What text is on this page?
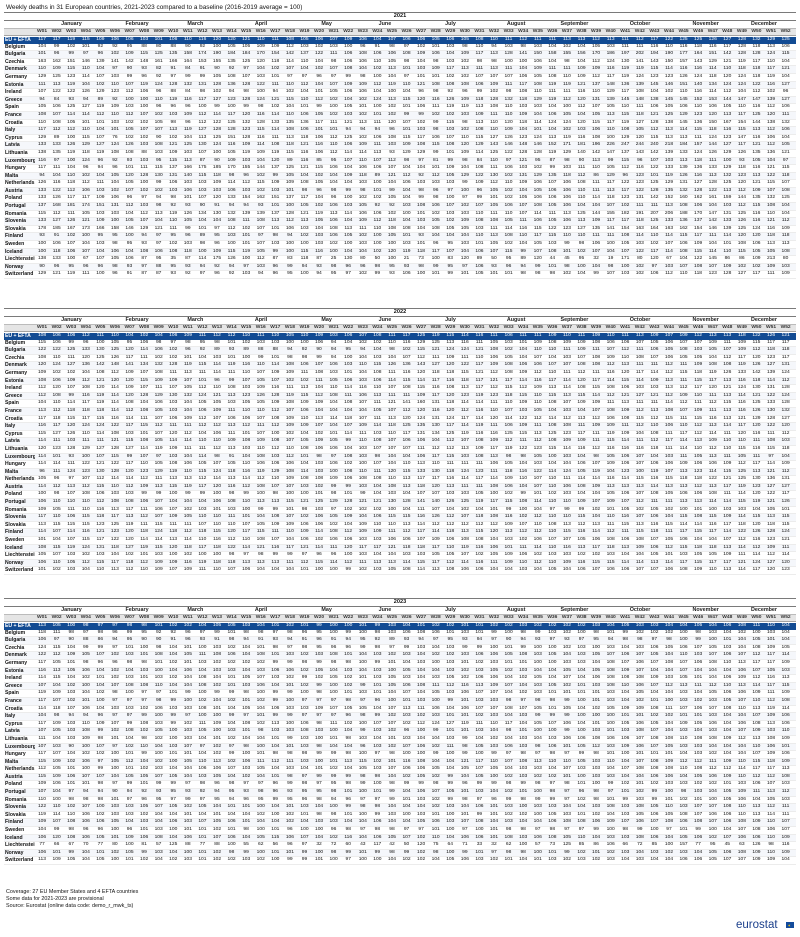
Weekly deaths in 31 European countries, 2021-2023 compared to a baseline (2016-2019 average = 100)
2021
January	February	March	April	May	June	July	August	September	October	November	December
W01 W02 W03 W04 W05 W06 W07 W08 W09 W10 W11 W12 W13 W14 W15 W16 W17 W18 W19 W20 W21 W22 W23 W24 W25 W26 W27 W28 W29 W30 W31 W32 W33 W34 W35 W36 W37 W38 W39 W40 W41 W42 W43 W44 W45 W46 W47 W48 W49 W50 W51 W52
EU + EFTA	117	117	119	115	109	106	106	103	101	106	110	116	120	120	121	110	111	108	105	106	107	109	106	104	107	106	106	105	106	105	108	110	111	112	111	111	113	113	112	113	111	112	117	122	125	125	126	127	128	132	129	125
Belgium	104	99	102	101	92	92	95	88	80	88	90	92	100	105	105	109	109	112	103	102	103	100	96	91	98	97	102	101	103	98	110	94	103	98	103	104	102	104	105	103	111	111	116	110	116	118	116	117	128	118	113	106
Bulgaria	101	96	99	97	96	102	109	115	125	135	158	174	190	184	184	170	154	142	137	122	111	106	108	106	106	108	109	106	104	109	117	113	128	141	150	158	155	156	170	186	197	202	194	190	177	164	151	142	128	128	124	115
Czechia	163	162	151	146	139	141	142	148	161	166	164	153	155	135	125	120	118	114	110	104	98	106	106	110	105	98	104	98	103	102	98	98	100	100	106	104	98	104	112	124	130	141	143	150	157	143	129	121	119	117	110	104
Denmark	110	109	115	110	104	97	90	93	82	91	84	91	90	92	97	104	102	107	104	102	107	108	104	102	113	101	103	109	117	113	111	113	111	104	109	111	111	109	109	116	119	119	115	114	116	116	114	110	118	118	117	121
Germany	129	125	123	114	107	103	99	96	92	97	99	99	105	108	107	103	101	97	97	96	97	99	98	100	104	97	101	101	102	102	107	107	107	106	105	108	110	109	112	117	119	124	123	123	126	124	118	120	124	118	119	104
Estonia	111	113	119	104	102	110	107	119	124	128	132	131	128	136	128	122	111	110	112	104	107	109	109	112	119	110	121	108	108	108	106	109	111	117	108	119	119	121	137	148	136	139	145	146	151	140	134	124	124	122	116	127
Ireland	107	122	122	126	129	123	112	106	96	88	84	98	102	94	98	100	94	102	104	101	105	106	106	104	100	104	96	98	92	96	99	102	98	108	110	111	111	116	110	129	117	108	104	102	110	116	114	112	104	112	102	96
Greece	94	84	93	94	89	92	100	100	110	119	116	117	127	123	128	124	121	115	110	112	102	104	102	124	113	115	120	116	126	109	118	128	132	118	129	119	112	120	131	139	145	148	138	145	145	152	153	144	147	147	139	127
Spain	105	106	125	127	119	109	103	100	96	96	96	100	99	100	99	98	102	104	101	99	100	105	101	100	102	101	106	111	119	119	113	108	110	103	103	104	100	112	107	105	110	111	106	105	106	110	106	105	110	116	112	106
France	108	107	114	114	112	110	112	107	102	103	109	112	114	117	120	116	114	110	106	105	102	103	102	101	102	99	99	102	102	103	109	111	110	109	104	106	105	104	105	113	115	118	121	125	129	123	120	113	117	125	120	111
Croatia	110	108	105	101	101	103	102	102	105	98	96	112	122	125	132	128	133	135	136	117	111	121	113	111	120	107	102	99	115	98	113	110	120	118	114	124	124	120	115	117	119	127	128	138	145	136	150	167	154	144	138	132
Italy	117	112	112	110	104	101	105	107	107	113	119	127	128	128	123	115	114	108	106	101	101	94	94	94	96	101	103	98	103	102	108	110	109	104	101	104	102	103	106	110	108	105	112	113	114	115	118	116	115	113	112	106
Cyprus	129	89	100	115	107	76	102	102	90	102	104	113	125	151	128	116	111	113	118	106	112	125	102	106	108	115	117	106	107	110	115	127	126	123	124	113	119	116	108	100	129	120	115	113	113	111	124	123	147	116	106	104
Latvia	133	133	126	129	127	124	126	103	108	121	125	130	124	116	109	114	108	118	121	116	110	106	109	111	103	109	108	115	108	120	129	143	146	148	146	152	171	181	196	226	247	244	240	218	184	157	144	127	117	121	112	105
Lithuania	138	135	119	118	119	108	108	88	103	109	103	107	100	105	119	109	119	115	116	106	112	114	114	113	93	129	129	99	101	109	114	125	122	128	128	119	129	140	142	147	137	143	142	139	133	124	126	129	126	135	136	121
Luxembourg 116	97	100	124	96	92	93	103	95	115	113	87	90	109	103	104	120	89	116	85	95	107	110	107	112	98	97	81	99	98	84	110	97	121	95	87	98	90	113	99	115	96	107	103	113	118	111	100	93	105	104	97
Hungary	117	111	104	96	94	96	101	111	115	137	166	175	185	170	155	144	137	125	121	115	106	104	106	106	107	104	104	101	109	104	108	111	106	103	102	99	103	111	110	105	112	116	122	133	139	136	133	129	118	116	121	115
Malta	94	104	110	102	104	105	120	128	130	131	140	115	118	98	96	102	99	105	104	102	104	109	118	89	121	112	92	112	105	129	122	130	102	131	129	135	118	112	86	129	96	123	101	119	126	116	113	132	123	113	122	118
Netherlands 126	116	118	112	111	104	105	100	99	106	103	103	109	114	112	115	109	109	108	105	104	104	103	100	104	106	103	103	103	99	109	112	110	109	106	107	106	108	111	117	122	123	125	129	131	127	128	125	120	121	115	107
Austria	133	122	112	106	103	102	107	102	102	103	106	103	103	106	103	102	103	101	98	96	98	99	98	101	99	104	98	96	97	100	96	105	102	104	105	106	106	110	111	113	117	122	128	135	132	128	122	113	112	109	107	108
Poland	133	126	117	117	109	106	96	97	94	98	101	107	120	133	154	162	151	137	117	104	96	100	102	102	105	104	99	98	100	97	99	101	102	105	106	106	106	110	114	118	123	131	142	152	160	162	161	159	144	135	132	125
Portugal	137	168	181	174	151	131	112	103	98	92	93	90	91	94	94	93	101	100	105	102	106	103	105	92	92	103	108	106	107	102	107	105	106	107	108	105	106	104	104	107	102	111	111	113	108	106	104	103	112	115	108	104
Romania	115	112	111	105	103	103	104	112	113	119	126	134	130	132	139	139	137	128	121	119	113	114	106	106	102	100	101	102	103	103	110	111	110	107	114	111	113	125	144	155	182	191	207	206	188	170	147	131	125	116	110	104
Slovenia	133	127	126	121	109	100	105	107	104	110	105	104	104	108	111	108	113	112	113	105	106	104	109	112	118	104	103	105	102	109	108	108	105	111	106	105	106	113	109	117	117	118	125	133	136	137	142	133	126	116	121	112
Slovakia	178	185	167	173	166	158	146	129	121	111	99	101	97	112	102	107	101	106	103	104	108	113	111	110	108	108	104	108	105	105	103	111	114	116	115	122	123	127	135	141	154	163	164	163	162	154	146	139	125	124	116	109
Finland	93	91	102	100	95	95	100	94	97	95	96	89	95	103	101	97	98	94	102	103	106	105	102	100	105	101	93	104	104	104	110	113	108	110	117	115	110	110	111	111	108	114	110	114	115	117	111	114	120	120	118	118
Sweden	100	106	107	104	103	98	95	93	97	102	103	98	96	100	101	107	103	100	100	103	102	100	103	100	100	103	101	96	95	103	101	105	102	104	105	103	99	98	106	100	105	103	102	107	106	109	104	101	108	106	113	113
Iceland	100	118	106	107	104	106	104	108	106	108	118	100	109	115	119	105	99	100	115	116	100	104	104	102	120	119	118	117	107	104	106	107	115	99	107	108	101	102	107	104	107	122	117	114	108	115	114	110	115	105	105	108
Liechtenstein 138	133	100	67	107	105	106	87	95	35	87	114	175	126	100	112	87	83	118	87	25	130	80	50	100	21	73	100	83	120	89	50	95	89	120	44	45	95	32	19	171	80	120	67	104	122	145	86	86	109	213	80
Norway	90	96	95	96	96	98	93	97	88	95	93	94	92	94	97	103	96	99	94	93	98	96	96	98	95	93	98	99	95	97	106	93	96	94	99	101	98	100	104	98	100	102	97	103	107	108	107	109	102	102	109	103
Switzerland 129	121	119	111	100	96	91	87	87	93	92	97	96	92	103	94	96	95	100	94	95	97	102	99	93	106	100	101	99	101	105	101	101	98	98	98	102	104	99	107	103	102	106	112	110	118	123	128	127	117	111	109
2022
January	February	March	April	May	June	July	August	September	October	November	December
W01 W02 W03 W04 W05 W06 W07 W08 W09 W10 W11 W12 W13 W14 W15 W16 W17 W18 W19 W20 W21 W22 W23 W24 W25 W26 W27 W28 W29 W30 W31 W32 W33 W34 W35 W36 W37 W38 W39 W40 W41 W42 W43 W44 W45 W46 W47 W48 W49 W50 W51 W52
EU + EFTA	108	106	106	112	111	110	104	102	104	106	109	111	112	112	110	111	110	105	110	109	103	106	107	108	111	117	125	119	115	114	116	111	106	111	111	109	110	111	109	110	111	113	109	107	109	112	113	113	118	122	126	121
Belgium	115	106	99	96	100	105	95	106	98	97	98	95	98	101	102	103	103	100	100	106	94	104	102	102	110	116	129	125	113	116	111	105	103	101	109	108	109	109	108	106	106	107	105	106	107	107	109	111	109	115	117	117
Bulgaria	122	122	125	133	130	125	120	114	106	102	96	92	89	93	89	88	88	94	92	90	94	95	94	104	98	102	115	121	124	124	121	108	102	104	110	110	111	109	111	107	112	111	106	105	108	103	105	107	109	112	118	118
Czechia	108	110	111	120	125	126	117	111	102	102	101	104	103	101	100	99	101	98	98	99	94	100	104	103	104	107	112	111	109	111	110	106	105	104	107	104	103	107	108	109	110	108	107	106	105	105	104	112	117	120	123	117
Denmark	120	124	127	136	142	148	141	134	132	128	119	115	114	119	116	110	114	108	106	107	106	103	110	115	126	136	143	127	120	122	117	109	108	106	106	107	107	108	108	112	113	111	111	112	111	109	108	108	119	126	127	131
Germany	109	102	102	104	108	112	109	107	108	111	113	111	114	111	110	107	109	109	111	108	103	101	104	108	111	116	120	118	118	115	121	112	108	109	112	110	111	112	111	116	120	117	114	112	115	118	119	126	133	142	139	124
Estonia	108	106	109	112	121	120	120	115	109	109	107	101	96	99	107	105	107	102	102	111	105	106	103	106	114	115	114	117	116	118	117	121	117	114	116	117	114	120	117	114	115	114	109	113	111	115	117	113	116	118	114	112
Ireland	112	120	107	108	120	114	109	107	111	107	105	112	110	108	103	109	116	111	113	104	110	114	116	110	107	108	115	116	108	113	117	112	115	112	109	113	114	108	115	108	106	103	103	113	112	117	120	121	124	130	131	128
Greece	112	108	99	116	119	114	120	128	129	130	132	124	121	113	123	126	128	119	115	112	108	111	106	113	111	111	109	117	120	123	119	123	118	115	110	115	113	115	114	112	121	127	121	112	109	110	111	113	114	121	122	124
Spain	104	110	114	117	119	114	108	104	106	103	104	105	105	103	105	105	109	108	109	109	104	108	107	111	121	141	160	131	118	114	114	111	110	109	110	108	107	109	109	111	113	111	111	114	112	111	112	115	116	125	133	128
France	113	112	118	118	118	114	112	108	105	103	104	106	109	111	110	110	112	107	106	104	104	104	104	105	107	112	120	116	120	112	116	110	107	103	105	104	103	104	107	108	109	112	113	108	107	109	111	113	116	126	130	132
Croatia	117	118	115	117	115	116	114	111	107	106	109	112	107	106	106	107	108	109	110	113	114	118	107	111	113	120	124	131	124	117	114	120	114	122	112	114	112	113	112	106	108	115	112	115	111	115	116	113	121	129	128	127
Italy	116	117	120	124	124	122	117	115	112	111	111	112	112	113	112	111	112	109	109	107	104	107	109	114	118	125	135	130	117	114	119	111	106	109	111	108	108	111	109	109	111	112	110	106	110	112	113	114	117	120	122	120
Cyprus	115	127	126	110	114	108	103	101	107	120	112	104	106	111	101	107	100	102	104	102	101	114	111	103	110	117	131	134	125	119	116	116	125	115	113	125	123	117	111	119	109	104	108	111	117	112	114	111	120	116	111	112
Latvia	114	111	103	111	111	121	115	108	105	114	114	110	110	109	108	109	108	107	105	109	105	99	110	108	107	106	106	104	112	107	108	109	112	111	112	108	109	109	111	115	114	111	112	117	114	113	109	110	110	111	108	103
Lithuania	120	123	128	129	127	128	127	114	119	109	111	111	112	113	103	110	112	110	108	106	106	104	103	107	107	107	111	112	112	113	109	117	119	122	123	115	114	116	112	116	116	116	118	111	114	110	112	110	115	116	115	118
Luxembourg 114	101	93	100	107	115	99	107	97	103	104	114	98	91	104	108	103	112	101	98	97	108	103	98	104	104	106	117	115	103	108	113	98	98	105	100	103	104	98	105	106	107	104	103	111	105	113	111	105	111	97	104
Hungary	114	114	111	122	121	122	117	110	105	108	106	105	107	105	110	106	106	106	104	103	106	102	100	107	104	110	113	110	111	111	111	106	105	104	103	104	104	106	107	109	106	107	106	106	109	106	106	109	112	117	114	109
Malta	96	111	124	123	130	128	120	123	129	119	110	115	124	118	116	119	129	108	114	103	100	108	110	111	120	115	133	130	118	124	123	111	118	116	122	114	124	105	119	104	123	100	119	107	113	123	114	115	125	113	121	112
Netherlands 105	96	97	107	112	114	114	112	111	113	113	112	114	113	114	112	110	109	108	108	109	106	108	108	110	113	117	117	116	114	117	114	109	110	107	110	111	114	114	116	114	115	116	115	118	118	122	121	125	130	136	131
Austria	114	112	113	112	115	110	112	109	113	115	119	117	120	116	112	108	107	107	103	102	99	99	103	104	108	113	118	120	113	111	111	108	106	104	107	110	106	108	109	113	113	113	114	113	113	112	113	117	119	123	127	127
Poland	100	98	107	108	106	103	103	99	99	100	99	99	100	98	99	100	98	100	100	101	98	101	99	104	103	104	107	107	103	103	105	100	102	99	101	102	103	104	104	105	106	107	108	105	106	106	108	111	114	120	122	117
Portugal	106	110	110	110	112	108	108	106	107	104	104	104	106	108	110	113	113	115	121	125	129	128	121	121	130	128	141	140	126	125	119	117	115	108	114	110	110	109	107	109	107	112	111	111	113	113	114	114	115	119	121	126
Romania	109	105	111	110	116	113	117	111	106	107	102	103	101	103	100	99	99	101	98	103	97	102	102	102	100	104	111	107	104	102	104	101	99	100	104	97	99	99	102	101	105	102	105	102	100	101	100	103	103	104	105	101
Slovenia	117	110	106	115	118	117	113	112	107	109	105	110	110	111	101	104	108	107	102	106	105	109	104	106	115	115	116	126	112	107	118	108	116	102	112	110	110	115	104	110	116	107	106	104	115	108	115	109	114	115	113	115
Slovakia	113	115	115	115	123	125	119	111	115	111	111	107	110	110	107	105	109	109	106	106	102	104	109	110	110	113	114	112	112	112	112	112	109	107	110	108	113	112	113	111	115	113	116	115	114	114	116	117	118	120	118	115
Finland	114	107	114	116	121	123	120	118	124	118	112	118	115	120	117	115	111	110	109	114	108	112	109	109	111	112	117	114	118	113	115	120	113	112	112	110	115	116	114	112	111	115	118	111	117	115	117	114	122	126	128	124
Sweden	101	104	107	115	117	122	120	114	114	113	114	110	116	112	110	108	107	104	106	102	106	106	103	103	106	106	107	109	106	108	108	104	103	102	106	107	107	105	106	108	106	108	107	105	106	104	104	107	112	116	123	121
Iceland	108	115	119	124	131	118	127	119	115	120	118	117	118	122	114	121	116	117	121	114	111	120	117	117	121	118	118	117	110	119	116	106	101	111	114	110	116	113	117	118	113	109	106	112	115	118	118	113	114	112	109	111
Liechtenstein 105	107	103	102	103	104	102	101	103	100	102	100	100	98	97	98	99	99	97	96	96	100	103	104	104	103	103	105	105	107	102	105	109	106	102	103	103	102	102	103	104	104	105	101	103	105	105	109	111	114	112	114
Norway	106	110	105	112	115	117	118	112	109	109	116	119	118	118	113	113	113	111	112	115	114	112	111	113	113	114	115	117	112	114	116	111	109	110	112	110	109	116	115	115	114	114	113	114	117	115	117	117	121	124	127	120
Switzerland 101	102	103	104	110	113	112	110	109	107	109	111	110	107	106	104	104	104	101	100	100	99	102	103	105	108	114	113	108	106	106	104	104	103	104	105	104	106	107	106	106	107	107	106	108	109	110	113	114	117	120	123
2023
January	February	March	April	May	June	July	August	September	October	November	December
W01 W02 W03 W04 W05 W06 W07 W08 W09 W10 W11 W12 W13 W14 W15 W16 W17 W18 W19 W20 W21 W22 W23 W24 W25 W26 W27 W28 W29 W30 W31 W32 W33 W34 W35 W36 W37 W38 W39 W40 W41 W42 W43 W44 W45 W46 W47 W48 W49 W50 W51 W52
EU + EFTA	113	105	100	98	97	97	98	98	101	102	102	104	105	105	103	104	101	102	101	99	100	100	101	99	103	104	101	102	102	101	101	102	102	103	102	102	102	102	103	104	105	103	103	104	104	105	104	106	108	111	110	104
Belgium	118	111	98	97	98	96	99	95	92	92	96	97	99	101	98	98	97	98	96	95	100	99	100	98	103	106	108	106	101	103	101	99	100	98	99	103	102	100	98	101	99	102	102	102	100	98	103	104	102	100	103	104
Bulgaria	106	97	90	88	86	94	95	90	90	91	96	93	91	98	94	91	93	94	91	96	91	94	95	92	89	93	94	97	95	93	94	97	90	94	93	97	93	97	95	94	98	98	97	98	100	99	100	101	104	105	101	104
Czechia	124	115	104	99	99	97	101	100	98	104	101	100	103	102	104	101	98	97	98	95	96	96	99	98	97	99	103	104	103	99	99	100	101	99	100	100	102	103	100	103	104	103	106	105	106	107	105	103	104	108	109	105
Denmark	122	112	109	105	107	102	103	101	108	104	105	111	108	106	104	108	101	103	102	103	108	101	104	103	102	103	104	102	102	103	106	106	105	108	103	105	104	103	105	107	106	107	105	104	110	103	107	106	107	112	117	114
Germany	117	105	101	98	96	96	98	98	101	102	101	103	102	102	102	102	99	99	98	99	98	98	100	99	101	104	103	100	103	101	102	103	101	101	100	100	103	103	104	108	107	106	107	108	107	106	108	110	113	117	117	109
Estonia	116	113	105	106	104	102	104	103	100	104	106	104	103	103	104	103	106	106	102	105	104	103	104	103	100	105	104	104	103	102	103	105	102	103	104	104	105	104	105	108	109	107	104	104	107	104	104	104	106	107	105	103
Ireland	114	115	104	102	101	102	103	101	103	102	104	108	104	101	105	107	103	102	99	102	105	102	101	103	105	103	104	103	105	102	106	106	104	102	105	104	107	104	106	108	108	108	109	103	105	101	104	106	109	112	116	113
Greece	107	104	102	100	104	107	108	108	110	104	104	108	102	101	103	106	104	101	102	99	100	102	99	101	105	106	108	111	112	116	113	109	107	104	103	105	102	101	103	108	110	106	107	112	113	111	112	110	113	114	117	115
Spain	119	109	103	104	102	98	100	97	97	101	99	100	99	99	98	100	99	99	100	98	100	101	103	101	104	107	104	105	103	106	107	107	104	102	103	101	101	101	101	103	104	105	104	104	103	104	105	106	106	109	111	109
France	117	107	102	101	100	97	97	97	98	99	100	102	104	102	101	102	99	100	97	97	97	98	97	96	100	101	103	100	99	101	103	103	98	97	98	98	99	100	101	103	104	102	101	100	103	102	103	105	107	110	112	108
Croatia	114	118	107	106	104	103	103	102	106	103	103	108	101	104	105	104	106	103	103	109	107	105	105	104	107	113	111	106	104	106	107	107	108	107	105	101	105	104	102	105	109	109	108	111	107	106	107	108	110	113	119	114
Italy	104	98	94	94	96	97	97	99	100	99	97	100	100	99	97	101	99	99	97	97	97	96	98	99	102	103	102	103	101	101	102	103	104	103	99	99	99	100	100	100	101	101	102	102	101	101	103	104	104	107	109	106
Cyprus	117	109	103	110	109	107	99	108	103	99	102	111	109	104	108	102	113	100	106	98	111	102	100	107	107	102	112	124	127	119	111	110	117	104	105	107	106	104	101	100	105	106	105	104	109	105	106	104	106	108	113	106
Latvia	107	105	103	108	99	102	108	102	105	100	103	105	100	103	101	98	103	103	108	103	100	104	99	103	102	96	100	99	101	101	103	104	98	101	100	100	99	100	103	101	103	108	107	104	103	104	103	104	107	109	103	110
Lithuania	111	104	103	109	98	101	104	98	102	100	103	104	101	102	104	104	101	99	103	100	101	98	103	104	101	103	104	104	103	99	104	102	104	103	104	103	106	106	108	106	106	107	108	108	110	108	108	109	112	113	108	109
Luxembourg 107	103	90	100	107	97	102	110	104	103	107	97	102	97	98	100	104	101	103	98	104	104	96	103	102	107	106	102	111	98	105	103	106	103	98	106	101	105	112	103	109	106	107	105	103	103	104	104	104	110	106	101
Hungary	117	107	104	102	102	100	101	99	100	101	101	104	102	99	100	101	98	98	98	99	99	98	100	97	98	100	100	99	100	99	100	99	97	98	97	98	97	99	98	101	100	101	101	101	104	103	102	104	104	107	109	106
Malta	115	109	102	106	97	105	112	104	102	100	105	110	113	102	106	111	112	111	103	100	101	113	115	102	101	116	108	104	104	121	117	110	107	108	113	110	110	105	103	110	104	107	108	109	112	112	111	109	110	115	118	109
Netherlands 112	105	101	100	99	100	101	102	103	104	104	106	106	107	103	105	104	103	104	101	102	104	105	103	107	106	106	105	104	105	107	105	104	103	103	104	107	103	103	104	107	108	108	108	110	108	112	112	114	117	117	113
Austria	115	109	106	107	107	104	105	105	107	105	104	103	105	104	102	104	101	98	97	99	99	99	98	98	104	102	105	102	99	104	105	100	102	103	102	102	101	100	103	103	104	104	106	106	104	105	106	109	110	112	112	108
Poland	109	106	101	101	98	97	99	101	99	99	97	98	96	98	97	97	96	99	98	97	95	98	99	100	98	99	99	98	99	96	99	99	98	99	98	97	98	101	100	99	102	101	102	103	103	102	102	101	103	106	107	103
Portugal	107	104	97	94	94	90	94	92	93	95	93	92	94	95	93	98	96	93	95	95	98	101	100	101	99	104	106	107	105	101	103	104	102	101	100	98	97	96	98	97	101	102	99	100	98	103	104	105	109	111	113	112
Romania	110	100	98	98	98	101	97	96	95	97	99	97	95	94	96	95	99	95	96	98	94	96	97	97	99	101	103	102	99	98	97	96	99	98	99	99	97	102	98	101	99	103	99	101	102	101	100	105	106	104	105	103
Slovenia	122	110	102	107	100	103	103	105	107	105	102	105	104	101	101	100	104	101	103	104	100	99	98	98	104	104	104	102	103	104	106	101	103	100	103	103	104	104	103	108	103	108	105	110	103	107	107	108	110	113	112	111
Slovakia	119	114	110	106	102	103	103	102	104	104	101	104	101	104	104	102	100	102	101	98	98	101	100	99	103	100	103	101	100	101	99	101	102	102	100	105	103	101	102	104	103	105	106	105	108	107	106	106	110	113	114	111
Finland	109	107	108	106	106	105	104	103	104	106	103	107	105	106	101	104	104	102	104	103	103	104	104	106	104	104	105	106	103	107	108	104	103	104	104	106	108	108	106	109	107	106	107	108	106	108	107	106	108	109	110	107
Sweden	104	99	98	96	96	100	96	101	103	100	101	101	102	101	98	100	101	96	100	100	96	98	97	98	98	97	97	101	100	97	100	101	98	98	97	98	97	97	99	100	98	99	100	97	101	99	100	104	107	108	106	107
Iceland	106	120	108	106	105	101	109	106	108	104	106	101	107	106	104	105	115	106	107	104	102	116	104	106	105	107	102	110	104	106	106	101	108	103	106	108	105	110	104	103	103	108	106	104	105	106	102	107	106	106	110	109
Liechtenstein 77	66	67	70	77	80	100	81	57	125	88	77	88	100	55	62	56	96	97	32	72	60	43	117	42	50	120	75	64	71	33	32	62	100	57	73	125	85	86	106	66	72	85	100	157	77	95	45	63	126	98	116
Norway	106	101	99	104	101	102	105	99	103	104	100	101	102	98	99	100	101	101	99	100	98	99	101	99	98	99	102	98	100	99	101	97	98	98	100	101	99	102	101	102	103	104	103	102	103	104	105	106	108	109	110	109
Switzerland 113	109	105	104	105	100	101	102	104	102	103	101	102	102	103	102	100	99	99	101	100	97	100	100	104	102	102	104	105	106	103	102	101	104	101	103	102	103	102	103	104	103	104	104	106	106	105	107	107	109	109	104
Coverage: 27 EU Member States and 4 EFTA countries
Some data for 2021-2023 are provisional
Source: Eurostat (online data code: demo_r_mwk_ts)
eurostat ✶
